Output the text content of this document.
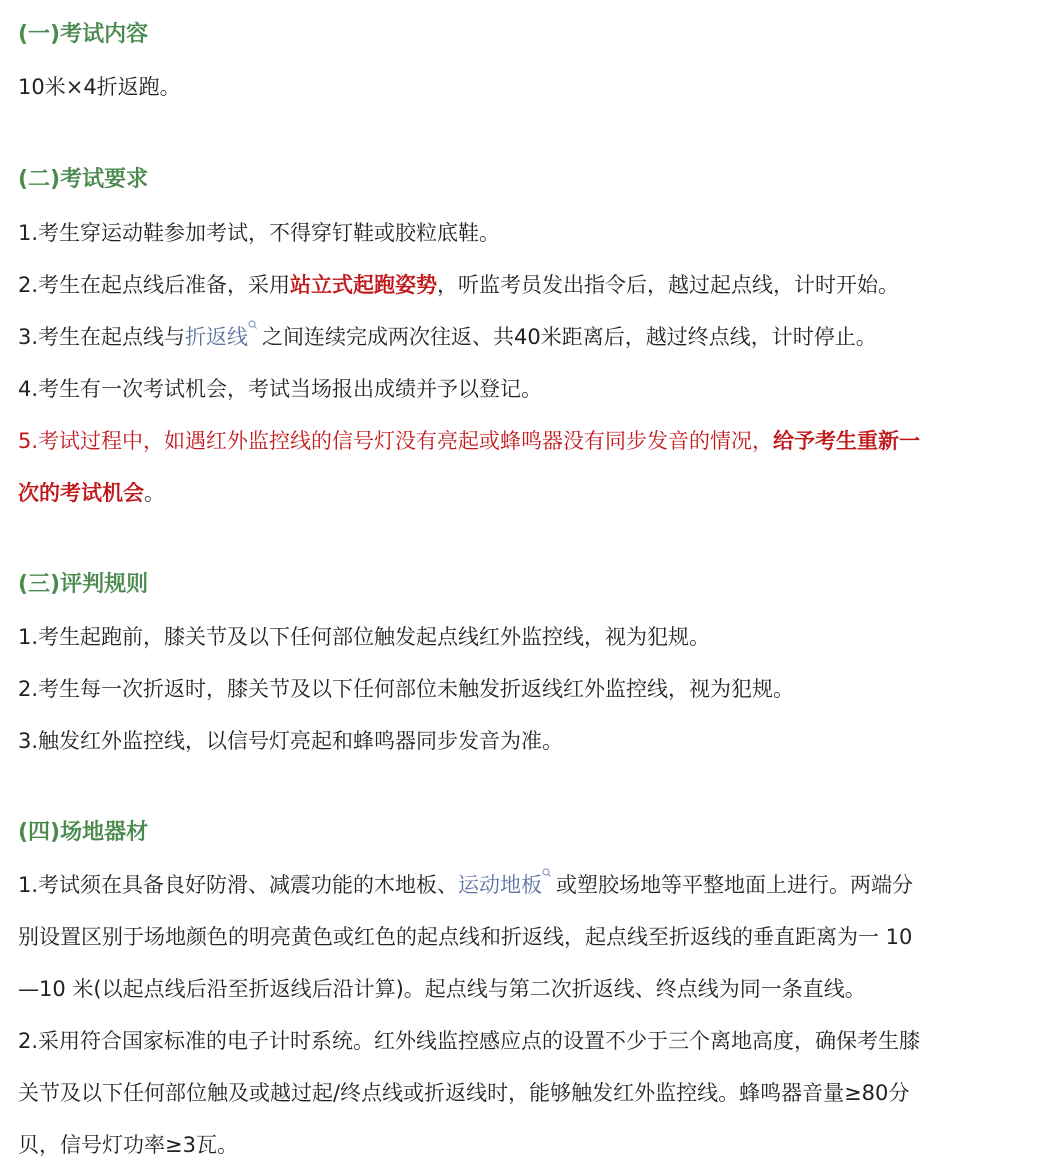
(一)考试内容
10米×4折返跑。
(二)考试要求
1.考生穿运动鞋参加考试，不得穿钉鞋或胶粒底鞋。
2.考生在起点线后准备，采用站立式起跑姿势，听监考员发出指令后，越过起点线，计时开始。
3.考生在起点线与折返线 之间连续完成两次往返、共40米距离后，越过终点线，计时停止。
4.考生有一次考试机会，考试当场报出成绩并予以登记。
5.考试过程中，如遇红外监控线的信号灯没有亮起或蜂鸣器没有同步发音的情况，给予考生重新一
次的考试机会。
(三)评判规则
1.考生起跑前，膝关节及以下任何部位触发起点线红外监控线，视为犯规。
2.考生每一次折返时，膝关节及以下任何部位未触发折返线红外监控线，视为犯规。
3.触发红外监控线，以信号灯亮起和蜂鸣器同步发音为准。
(四)场地器材
1.考试须在具备良好防滑、减震功能的木地板、运动地板 或塑胶场地等平整地面上进行。两端分
别设置区别于场地颜色的明亮黄色或红色的起点线和折返线，起点线至折返线的垂直距离为一 10
—10 米(以起点线后沿至折返线后沿计算)。起点线与第二次折返线、终点线为同一条直线。
2.采用符合国家标准的电子计时系统。红外线监控感应点的设置不少于三个离地高度，确保考生膝
关节及以下任何部位触及或越过起/终点线或折返线时，能够触发红外监控线。蜂鸣器音量≥80分
贝，信号灯功率≥3瓦。
